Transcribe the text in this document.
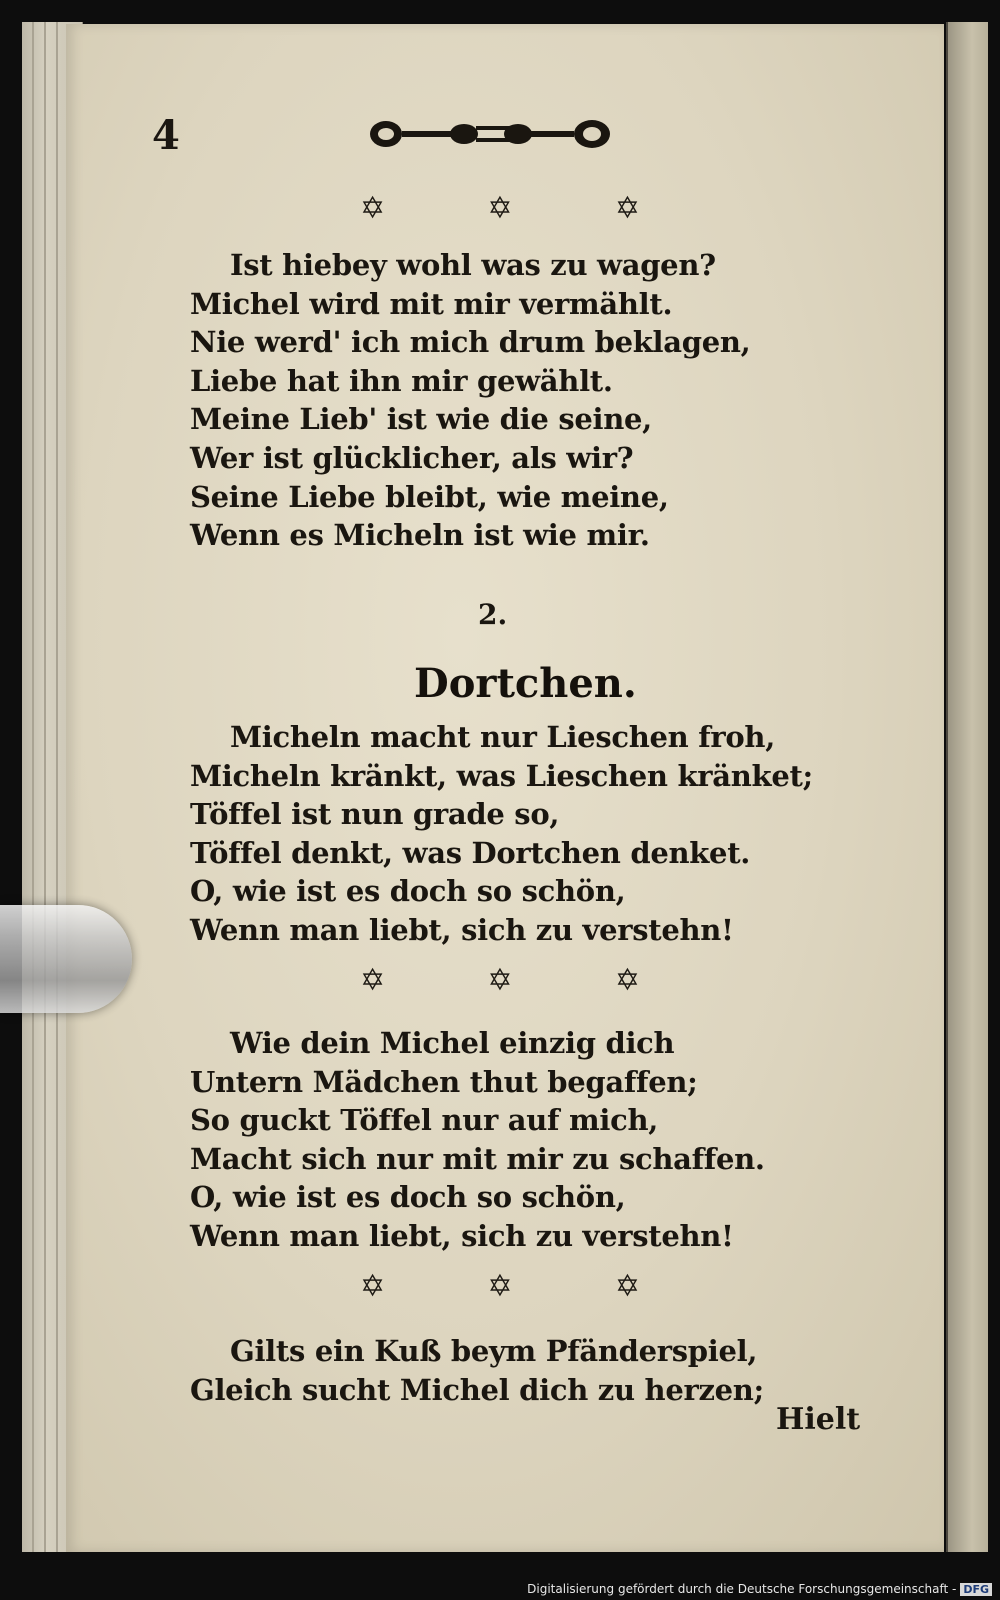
4
✡	✡	✡
Ist hiebey wohl was zu wagen?
Michel wird mit mir vermählt.
Nie werd' ich mich drum beklagen,
Liebe hat ihn mir gewählt.
Meine Lieb' ist wie die seine,
Wer ist glücklicher, als wir?
Seine Liebe bleibt, wie meine,
Wenn es Micheln ist wie mir.
2.
Dortchen.
Micheln macht nur Lieschen froh,
Micheln kränkt, was Lieschen kränket;
Töffel ist nun grade so,
Töffel denkt, was Dortchen denket.
O, wie ist es doch so schön,
Wenn man liebt, sich zu verstehn!
✡	✡	✡
Wie dein Michel einzig dich
Untern Mädchen thut begaffen;
So guckt Töffel nur auf mich,
Macht sich nur mit mir zu schaffen.
O, wie ist es doch so schön,
Wenn man liebt, sich zu verstehn!
✡	✡	✡
Gilts ein Kuß beym Pfänderspiel,
Gleich sucht Michel dich zu herzen;
Hielt
Digitalisierung gefördert durch die Deutsche Forschungsgemeinschaft - DFG
